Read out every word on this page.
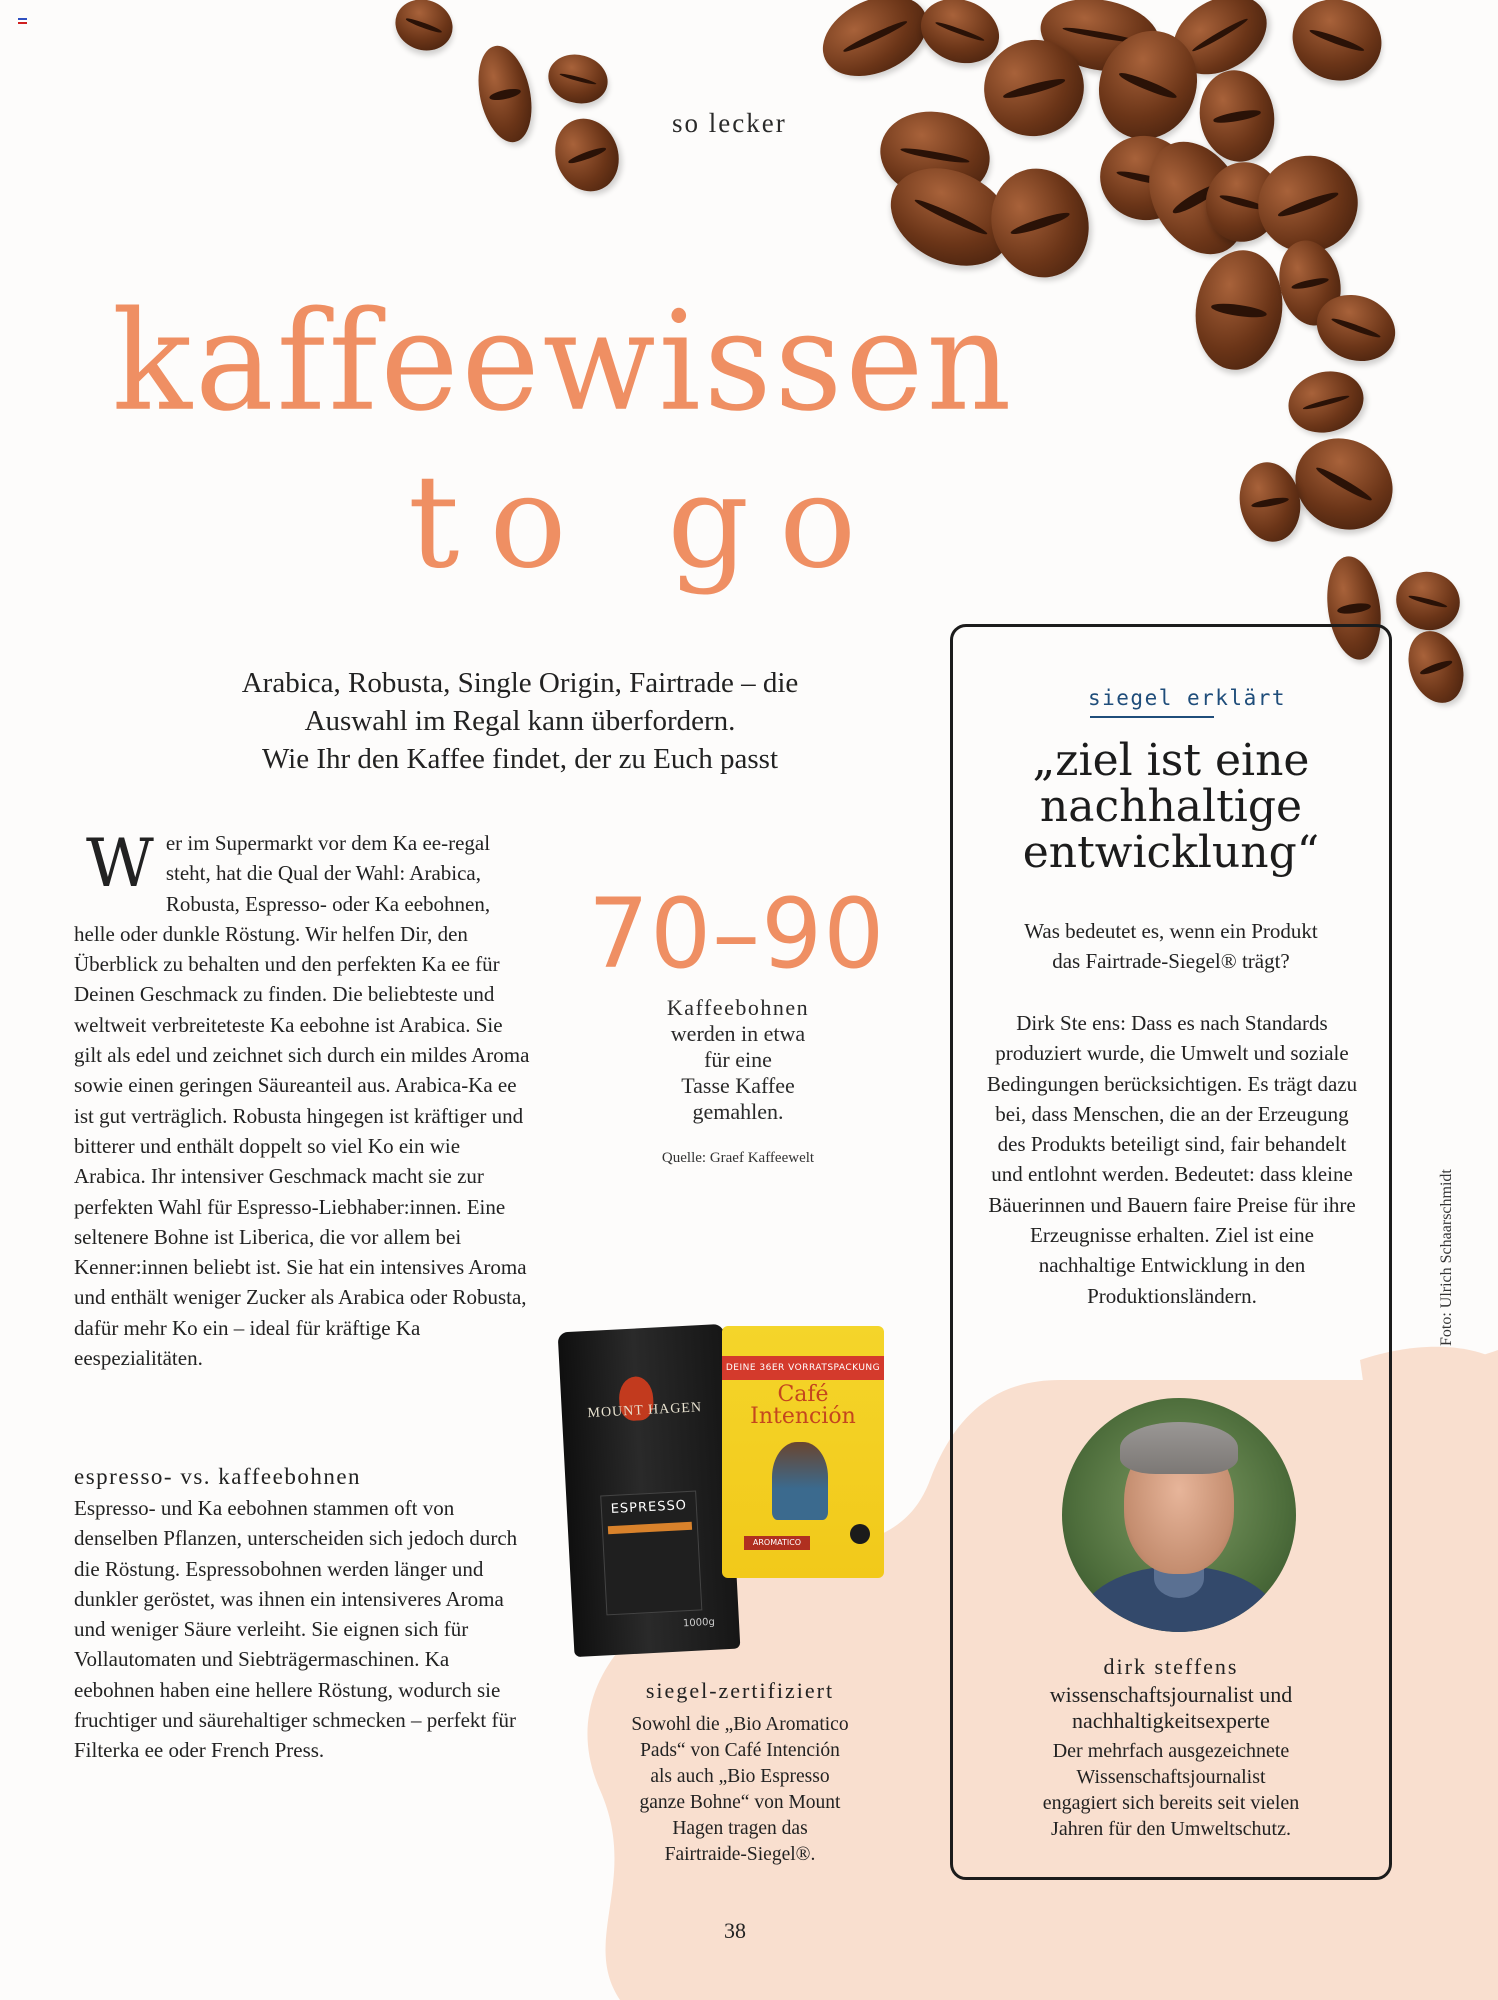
so lecker
kaffeewissen
to go
Arabica, Robusta, Single Origin, Fairtrade – die
Auswahl im Regal kann überfordern.
Wie Ihr den Kaffee findet, der zu Euch passt
W er im Supermarkt vor dem Ka ee-regal steht, hat die Qual der Wahl: Arabica, Robusta, Espresso- oder Ka eebohnen, helle oder dunkle Röstung. Wir helfen Dir, den Überblick zu behalten und den perfekten Ka ee für Deinen Geschmack zu finden. Die beliebteste und weltweit verbreiteteste Ka eebohne ist Arabica. Sie gilt als edel und zeichnet sich durch ein mildes Aroma sowie einen geringen Säureanteil aus. Arabica-Ka ee ist gut verträglich. Robusta hingegen ist kräftiger und bitterer und enthält doppelt so viel Ko ein wie Arabica. Ihr intensiver Geschmack macht sie zur perfekten Wahl für Espresso-Liebhaber:innen. Eine seltenere Bohne ist Liberica, die vor allem bei Kenner:innen beliebt ist. Sie hat ein intensives Aroma und enthält weniger Zucker als Arabica oder Robusta, dafür mehr Ko ein – ideal für kräftige Ka eespezialitäten.
espresso- vs. kaffeebohnen
Espresso- und Ka eebohnen stammen oft von denselben Pflanzen, unterscheiden sich jedoch durch die Röstung. Espressobohnen werden länger und dunkler geröstet, was ihnen ein intensiveres Aroma und weniger Säure verleiht. Sie eignen sich für Vollautomaten und Siebträgermaschinen. Ka eebohnen haben eine hellere Röstung, wodurch sie fruchtiger und säurehaltiger schmecken – perfekt für Filterka ee oder French Press.
70–90
Kaffeebohnen
werden in etwa
für eine
Tasse Kaffee
gemahlen.
Quelle: Graef Kaffeewelt
MOUNT HAGEN
ESPRESSO
1000g
DEINE 36ER VORRATSPACKUNG
Café
Intención
AROMATICO
siegel-zertifiziert
Sowohl die „Bio Aromatico
Pads“ von Café Intención
als auch „Bio Espresso
ganze Bohne“ von Mount
Hagen tragen das
Fairtraide-Siegel®.
siegel erklärt
„ziel ist eine
nachhaltige
entwicklung“
Was bedeutet es, wenn ein Produkt
das Fairtrade-Siegel® trägt?
Dirk Ste ens: Dass es nach Standards produziert wurde, die Umwelt und soziale Bedingungen berücksichtigen. Es trägt dazu bei, dass Menschen, die an der Erzeugung des Produkts beteiligt sind, fair behandelt und entlohnt werden. Bedeutet: dass kleine Bäuerinnen und Bauern faire Preise für ihre Erzeugnisse erhalten. Ziel ist eine nachhaltige Entwicklung in den Produktionsländern.
dirk steffens
wissenschaftsjournalist und
nachhaltigkeitsexperte
Der mehrfach ausgezeichnete
Wissenschaftsjournalist
engagiert sich bereits seit vielen
Jahren für den Umweltschutz.
Foto: Ulrich Schaarschmidt
38
